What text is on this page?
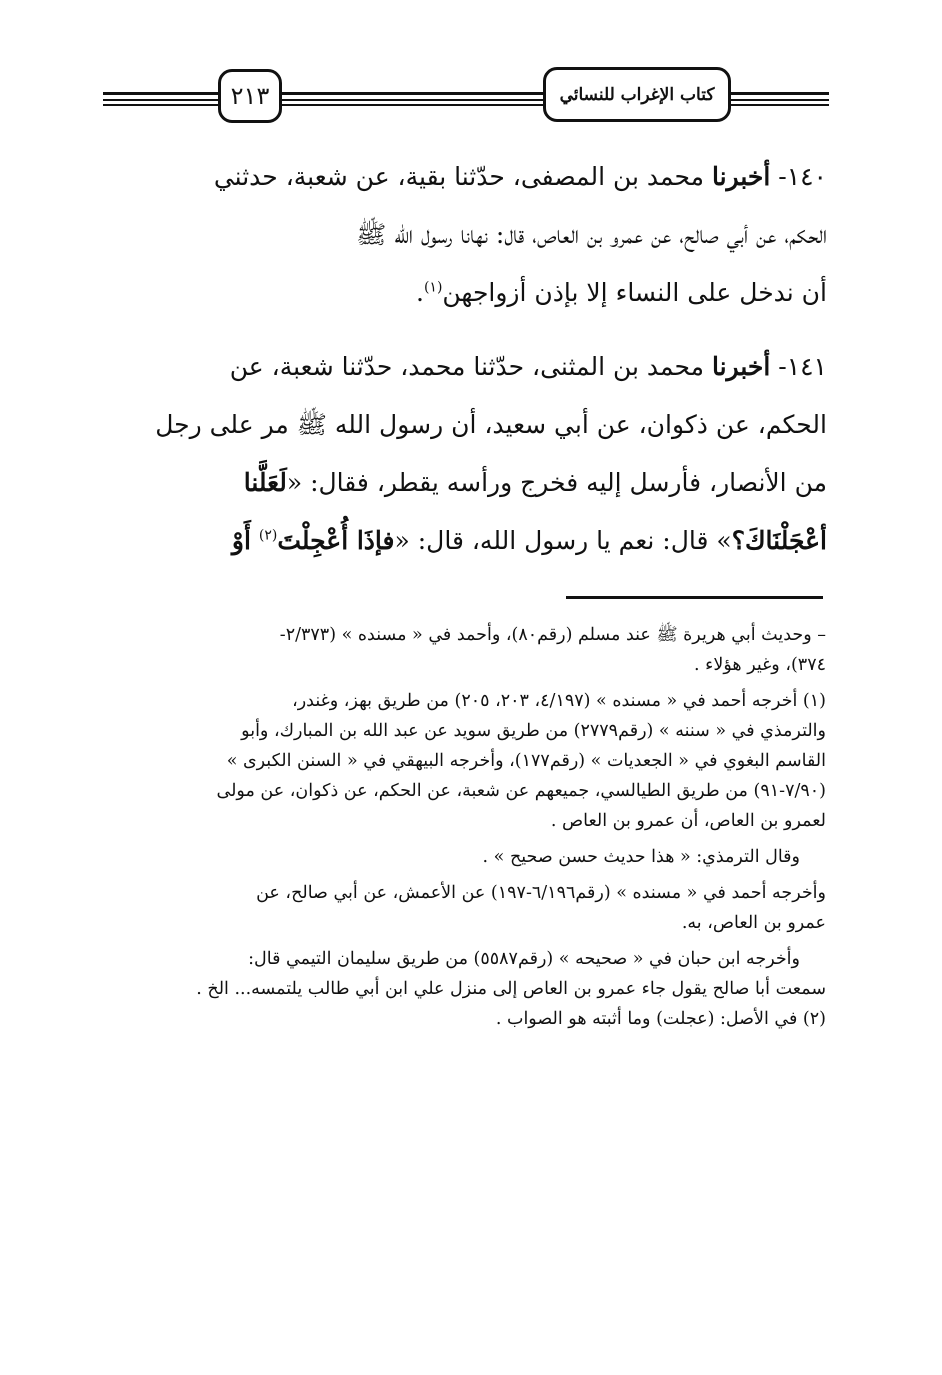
٢١٣	كتاب الإغراب للنسائي
١٤٠- أخبرنا محمد بن المصفى، حدّثنا بقية، عن شعبة، حدثني
الحكم، عن أبي صالح، عن عمرو بن العاص، قال: نهانا رسول الله ﷺ
أن ندخل على النساء إلا بإذن أزواجهن$^{(١)}$.
١٤١- أخبرنا محمد بن المثنى، حدّثنا محمد، حدّثنا شعبة، عن
الحكم، عن ذكوان، عن أبي سعيد، أن رسول الله ﷺ مر على رجل
من الأنصار، فأرسل إليه فخرج ورأسه يقطر، فقال: «لَعَلَّنا
أعْجَلْنَاكَ؟» قال: نعم يا رسول الله، قال: «فإذَا أُعْجِلْتَ$^{(٢)}$ أَوْ
– وحديث أبي هريرة ﷺ عند مسلم (رقم٨٠)، وأحمد في « مسنده » (٢/٣٧٣-
٣٧٤)، وغير هؤلاء .
(١) أخرجه أحمد في « مسنده » (٤/١٩٧، ٢٠٣، ٢٠٥) من طريق بهز، وغندر،
والترمذي في « سننه » (رقم٢٧٧٩) من طريق سويد عن عبد الله بن المبارك، وأبو
القاسم البغوي في « الجعديات » (رقم١٧٧)، وأخرجه البيهقي في « السنن الكبرى »
(٧/٩٠-٩١) من طريق الطيالسي، جميعهم عن شعبة، عن الحكم، عن ذكوان، عن مولى
لعمرو بن العاص، أن عمرو بن العاص .
وقال الترمذي: « هذا حديث حسن صحيح » .
وأخرجه أحمد في « مسنده » (رقم٦/١٩٦-١٩٧) عن الأعمش، عن أبي صالح، عن
عمرو بن العاص، به.
وأخرجه ابن حبان في « صحيحه » (رقم٥٥٨٧) من طريق سليمان التيمي قال:
سمعت أبا صالح يقول جاء عمرو بن العاص إلى منزل علي ابن أبي طالب يلتمسه... الخ .
(٢) في الأصل: (عجلت) وما أثبته هو الصواب .
